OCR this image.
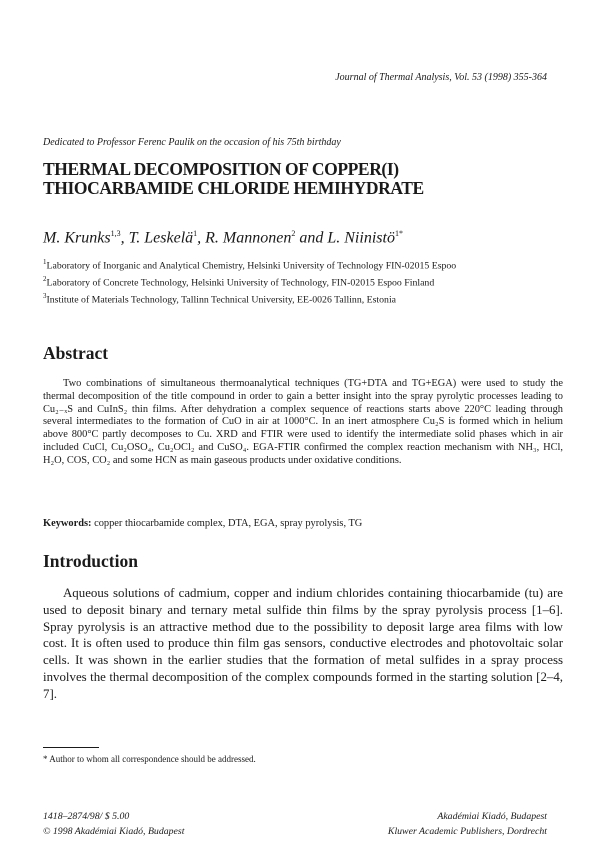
Journal of Thermal Analysis, Vol. 53 (1998) 355-364
Dedicated to Professor Ferenc Paulik on the occasion of his 75th birthday
THERMAL DECOMPOSITION OF COPPER(I)
THIOCARBAMIDE CHLORIDE HEMIHYDRATE
M. Krunks$^{1,3}$, T. Leskelä$^1$, R. Mannonen$^2$ and L. Niinistö$^{1*}$

$^1$Laboratory of Inorganic and Analytical Chemistry, Helsinki University of Technology FIN-02015 Espoo

$^2$Laboratory of Concrete Technology, Helsinki University of Technology, FIN-02015 Espoo Finland

$^3$Institute of Materials Technology, Tallinn Technical University, EE-0026 Tallinn, Estonia

Abstract

Two combinations of simultaneous thermoanalytical techniques (TG+DTA and TG+EGA) were used to study the thermal decomposition of the title compound in order to gain a better insight into the spray pyrolytic processes leading to Cu₂₋ₓS and CuInS₂ thin films. After dehydration a complex sequence of reactions starts above 220°C leading through several intermediates to the formation of CuO in air at 1000°C. In an inert atmosphere Cu₂S is formed which in helium above 800°C partly decomposes to Cu. XRD and FTIR were used to identify the intermediate solid phases which in air included CuCl, Cu₂OSO₄, Cu₂OCl₂ and CuSO₄. EGA-FTIR confirmed the complex reaction mechanism with NH₃, HCl, H₂O, COS, CO₂ and some HCN as main gaseous products under oxidative conditions.

Keywords: copper thiocarbamide complex, DTA, EGA, spray pyrolysis, TG
Introduction

Aqueous solutions of cadmium, copper and indium chlorides containing thiocarbamide (tu) are used to deposit binary and ternary metal sulfide thin films by the spray pyrolysis process [1–6]. Spray pyrolysis is an attractive method due to the possibility to deposit large area films with low cost. It is often used to produce thin film gas sensors, conductive electrodes and photovoltaic solar cells. It was shown in the earlier studies that the formation of metal sulfides in a spray process involves the thermal decomposition of the complex compounds formed in the starting solution [2–4, 7].

* Author to whom all correspondence should be addressed.
1418–2874/98/ $ 5.00
© 1998 Akadémiai Kiadó, Budapest
Akadémiai Kiadó, Budapest
Kluwer Academic Publishers, Dordrecht
